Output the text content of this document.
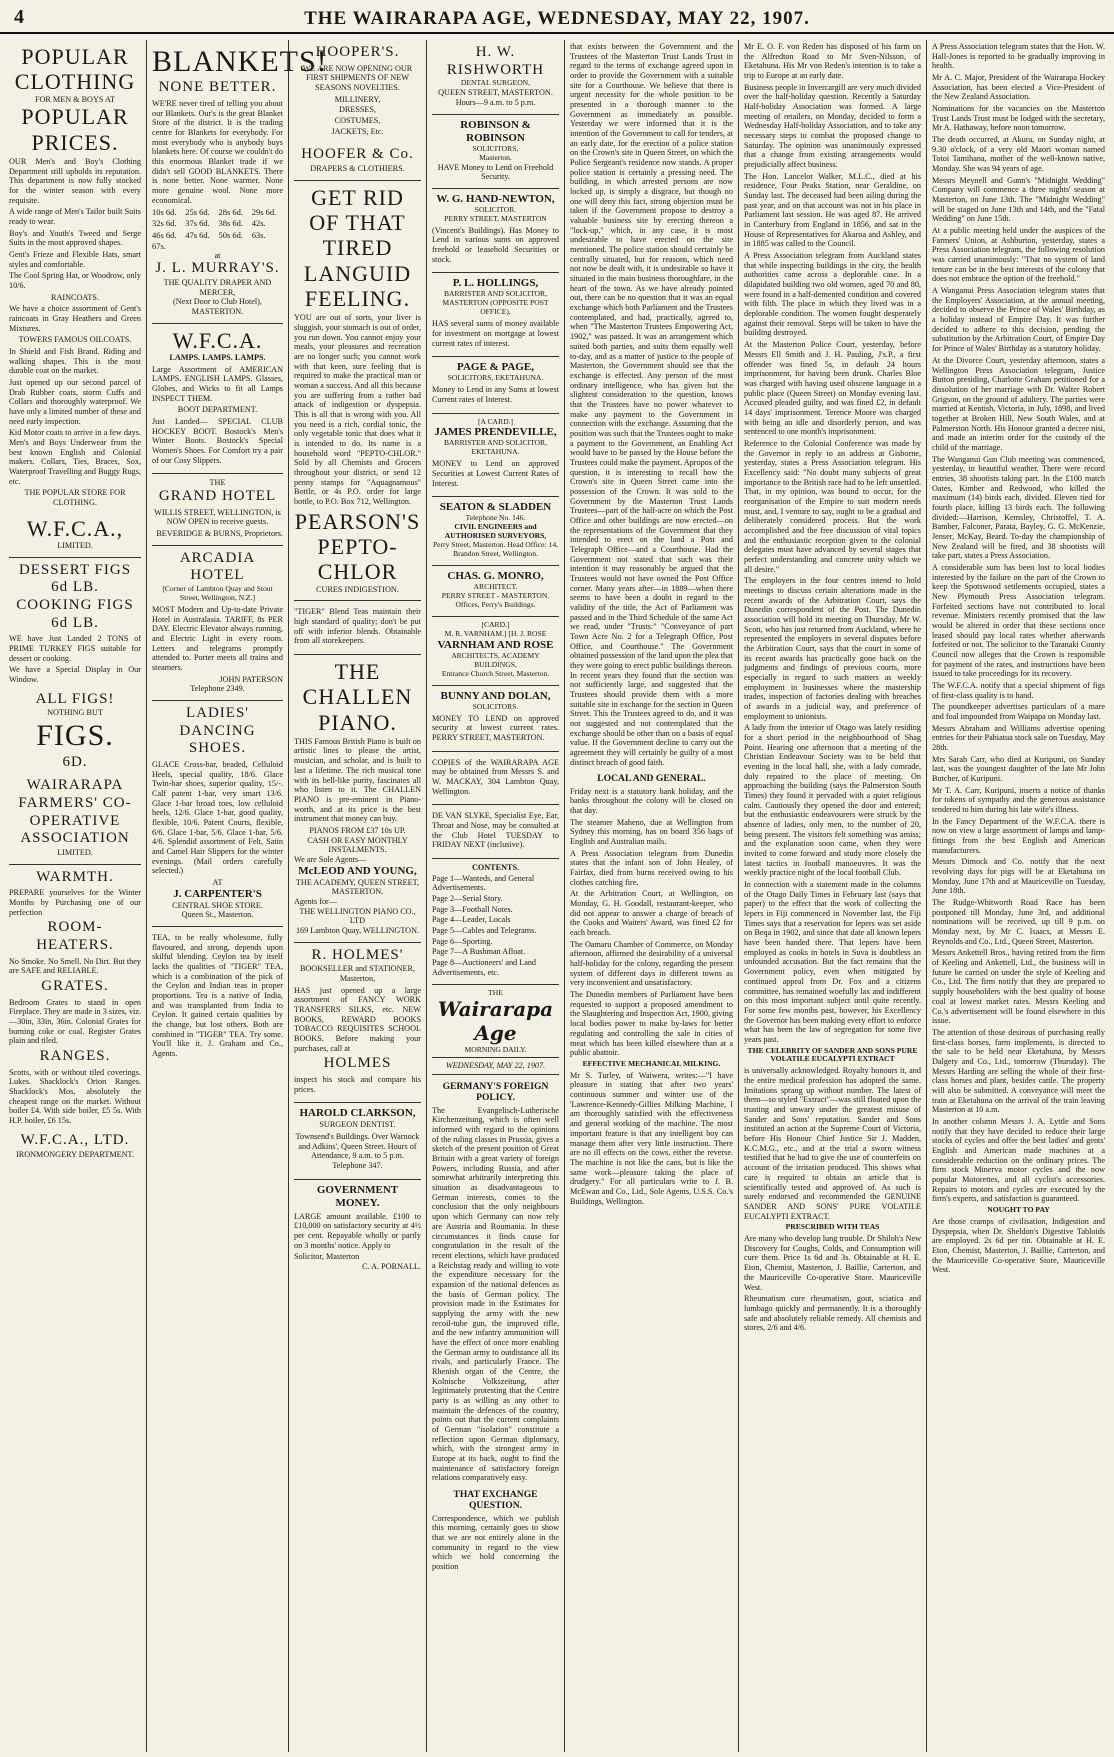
4	THE WAIRARAPA AGE, WEDNESDAY, MAY 22, 1907.
POPULAR CLOTHING
FOR MEN & BOYS AT
POPULAR PRICES.

OUR Men's and Boy's Clothing Department still upholds its reputation. This department is now fully stocked for the winter season with every requisite.

A wide range of Men's Tailor built Suits ready to wear.

Boy's and Youth's Tweed and Serge Suits in the most approved shapes.

Gent's Frieze and Flexible Hats, smart styles and comfortable.

The Cool Spring Hat, or Woodrow, only 10/6.

RAINCOATS.

We have a choice assortment of Gent's raincoats in Gray Heathers and Green Mixtures.

TOWERS FAMOUS OILCOATS.

In Shield and Fish Brand. Riding and walking shapes. This is the most durable coat on the market.

Just opened up our second parcel of Drab Rubber coats, storm Cuffs and Collars and thoroughly waterproof. We have only a limited number of these and need early inspection.

Kid Motor coats to arrive in a few days. Men's and Boys Underwear from the best known English and Colonial makers. Collars, Ties, Braces, Sox, Waterproof Travelling and Buggy Rugs, etc.

THE POPULAR STORE FOR CLOTHING.
W.F.C.A.,
LIMITED.
DESSERT FIGS
6d LB.
COOKING FIGS
6d LB.

WE have Just Landed 2 TONS of PRIME TURKEY FIGS suitable for dessert or cooking.

We have a Special Display in Our Window.

ALL FIGS!
NOTHING BUT
FIGS.
6D.
WAIRARAPA FARMERS' CO-OPERATIVE ASSOCIATION
LIMITED.
WARMTH.

PREPARE yourselves for the Winter Months by Purchasing one of our perfection

ROOM-HEATERS.

No Smoke. No Smell. No Dirt. But they are SAFE and RELIABLE.

GRATES.

Bedroom Grates to stand in open Fireplace. They are made in 3 sizes, viz.—30in, 33in, 36in. Colonial Grates for burning coke or coal. Register Grates plain and tiled.

RANGES.

Scotts, with or without tiled coverings. Lukes. Shacklock's Orion Ranges. Shacklock's Mos, absolutely the cheapest range on the market. Without boiler £4. With side boiler, £5 5s. With H.P. boiler, £6 15s.

W.F.C.A., LTD.
IRONMONGERY DEPARTMENT.
BLANKETS!
NONE BETTER.

WE'RE never tired of telling you about our Blankets. Our's is the great Blanket Store of the district. It is the trading centre for Blankets for everybody. For most everybody who is anybody buys blankets here. Of course we couldn't do this enormous Blanket trade if we didn't sell GOOD BLANKETS. There is none better. None warmer. None more genuine wool. None more economical.

10s 6d.	25s 6d.	28s 6d.	29s 6d.
32s 6d.	37s 6d.	38s 6d.	42s.
46s 6d.	47s 6d.	50s 6d.	63s.
67s.
at
J. L. MURRAY'S.
THE QUALITY DRAPER AND MERCER,
(Next Door to Club Hotel), MASTERTON.
W.F.C.A.
LAMPS. LAMPS. LAMPS.

Large Assortment of AMERICAN LAMPS. ENGLISH LAMPS. Glasses, Globes, and Wicks to fit all Lamps INSPECT THEM.

BOOT DEPARTMENT.

Just Landed— SPECIAL CLUB HOCKEY BOOT. Bostock's Men's Winter Boots. Bostock's Special Women's Shoes. For Comfort try a pair of our Cosy Slippers.

THE
GRAND HOTEL

WILLIS STREET, WELLINGTON, is NOW OPEN to receive guests.

BEVERIDGE & BURNS, Proprietors.
ARCADIA HOTEL
[Corner of Lambton Quay and Stout Street, Wellington, N.Z.]

MOST Modern and Up-to-date Private Hotel in Australasia. TARIFF, 8s PER DAY. Electric Elevator always running, and Electric Light in every room. Letters and telegrams promptly attended to. Porter meets all trains and steamers.

JOHN PATERSON
Telephone 2349.
LADIES' DANCING SHOES.

GLACE Cross-bar, beaded, Celluloid Heels, special quality, 18/6. Glace Twin-bar shoes, superior quality, 15/-. Calf patent 1-bar, very smart 13/6. Glace 1-bar broad toes, low celluloid heels, 12/6. Glace 1-bar, good quality, flexible, 10/6. Patent Courts, flexible, 6/6. Glace 1-bar, 5/6. Glace 1-bar, 5/6. 4/6. Splendid assortment of Felt, Satin and Camel Hair Slippers for the winter evenings. (Mail orders carefully selected.)

AT
J. CARPENTER'S
CENTRAL SHOE STORE.
Queen St., Masterton.

TEA, to be really wholesome, fully flavoured, and strong, depends upon skilful blending. Ceylon tea by itself lacks the qualities of "TIGER" TEA, which is a combination of the pick of the Ceylon and Indian teas in proper proportions. Tea is a native of India, and was transplanted from India to Ceylon. It gained certain qualities by the change, but lost others. Both are combined in "TIGER" TEA. Try some. You'll like it. J. Graham and Co., Agents.

HOOPER'S.

WE ARE NOW OPENING OUR FIRST SHIPMENTS OF NEW SEASONS NOVELTIES.

MILLINERY,
DRESSES,
COSTUMES,
JACKETS, Etc.
HOOFER & Co.
DRAPERS & CLOTHIERS.
GET RID OF THAT TIRED LANGUID FEELING.

YOU are out of sorts, your liver is sluggish, your stomach is out of order, you run down. You cannot enjoy your meals, your pleasures and recreation are no longer such; you cannot work with that keen, sure feeling that is required to make the practical man or woman a success. And all this because you are suffering from a rather bad attack of indigestion or dyspepsia. This is all that is wrong with you. All you need is a rich, cordial tonic, the only vegetable tonic that does what it is intended to do. Its name is a household word "PEPTO-CHLOR." Sold by all Chemists and Grocers throughout your district, or send 12 penny stamps for "Aquagnamous" Bottle, or 4s P.O. order for large bottle, to P.O. Box 712, Wellington.

PEARSON'S PEPTO-CHLOR
CURES INDIGESTION.

"TIGER" Blend Teas maintain their high standard of quality; don't be put off with inferior blends. Obtainable from all storekeepers.

THE CHALLEN PIANO.

THIS Famous British Piano is built on artistic lines to please the artist, musician, and scholar, and is built to last a lifetime. The rich musical tone with its bell-like purity, fascinates all who listen to it. The CHALLEN PIANO is pre-eminent in Piano-worth, and at its price is the best instrument that money can buy.

PIANOS FROM £37 10s UP.
CASH OR EASY MONTHLY INSTALMENTS.
We are Sole Agents—
McLEOD AND YOUNG,
THE ACADEMY, QUEEN STREET, MASTERTON.
Agents for—
THE WELLINGTON PIANO CO., LTD
169 Lambton Quay, WELLINGTON.
R. HOLMES'
BOOKSELLER and STATIONER,
Masterton,

HAS just opened up a large assortment of FANCY WORK TRANSFERS SILKS, etc. NEW BOOKS, REWARD BOOKS TOBACCO REQUISITES SCHOOL BOOKS. Before making your purchases, call at

HOLMES

inspect his stock and compare his prices.

HAROLD CLARKSON,
SURGEON DENTIST.

Townsend's Buildings. Over Warnock and Adkins', Queen Street. Hours of Attendance, 9 a.m. to 5 p.m. Telephone 347.

GOVERNMENT MONEY.

LARGE amount available. £100 to £10,000 on satisfactory security at 4½ per cent. Repayable wholly or partly on 3 months' notice. Apply to

Solicitor, Masterton
C. A. PORNALL.
H. W. RISHWORTH
DENTAL SURGEON,
QUEEN STREET, MASTERTON.
Hours—9 a.m. to 5 p.m.
ROBINSON & ROBINSON
SOLICITORS,
Masterton.
HAVE Money to Lend on Freehold Security.
W. G. HAND-NEWTON,
SOLICITOR.
PERRY STREET, MASTERTON

(Vincent's Buildings). Has Money to Lend in various sums on approved freehold or leasehold Securities or stock.

P. L. HOLLINGS,
BARRISTER AND SOLICITOR,
MASTERTON (OPPOSITE POST OFFICE),

HAS several sums of money available for investment on mortgage at lowest current rates of interest.

PAGE & PAGE,
SOLICITORS, EKETAHUNA.

Money to Lend in any Sums at lowest Current rates of Interest.

[A CARD.]
JAMES PRENDEVILLE,
BARRISTER AND SOLICITOR, EKETAHUNA.

MONEY to Lend on approved Securities at Lowest Current Rates of Interest.

SEATON & SLADDEN
Telephone No. 146.
CIVIL ENGINEERS and AUTHORISED SURVEYORS,
Perry Street, Masterton. Head Office: 14, Brandon Street, Wellington.
CHAS. G. MONRO,
ARCHITECT.
PERRY STREET - MASTERTON. Offices, Perry's Buildings.
[CARD.]
M. R. VARNHAM.] [H. J. ROSE
VARNHAM AND ROSE
ARCHITECTS, ACADEMY BUILDINGS,
Entrance Church Street, Masterton.
BUNNY AND DOLAN,
SOLICITORS.

MONEY TO LEND on approved security at lowest current rates. PERRY STREET, MASTERTON.

COPIES of the WAIRARAPA AGE may be obtained from Messrs S. and W. MACKAY, 304 Lambton Quay, Wellington.

DE VAN SLYKE, Specialist Eye, Ear, Throat and Nose, may be consulted at the Club Hotel TUESDAY to FRIDAY NEXT (inclusive).

CONTENTS.
Page 1—Wanteds, and General Advertisements.
Page 2—Serial Story.
Page 3—Football Notes.
Page 4—Leader, Locals
Page 5—Cables and Telegrams.
Page 6—Sporting.
Page 7—A Bushman Afloat.
Page 8—Auctioneers' and Land Advertisements, etc.
THE
Wairarapa Age
MORNING DAILY.
WEDNESDAY, MAY 22, 1907.
GERMANY'S FOREIGN POLICY.

The Evangelisch-Lutherische Kirchenzeitung, which is often well informed with regard to the opinions of the ruling classes in Prussia, gives a sketch of the present position of Great Britain with a great variety of foreign Powers, including Russia, and after somewhat arbitrarily interpreting this situation as disadvantageous to German interests, comes to the conclusion that the only neighbours upon which Germany can now rely are Austria and Roumania. In these circumstances it finds cause for congratulation in the result of the recent elections, which have produced a Reichstag ready and willing to vote the expenditure necessary for the expansion of the national defences as the basis of German policy. The provision made in the Estimates for supplying the army with the new recoil-tube gun, the improved rifle, and the new infantry ammunition will have the effect of once more enabling the German army to outdistance all its rivals, and particularly France. The Rhenish organ of the Centre, the Kolnische Volkszeitung, after legitimately protesting that the Centre party is as willing as any other to maintain the defences of the country, points out that the current complaints of German "isolation" constitute a reflection upon German diplomacy, which, with the strongest army in Europe at its back, ought to find the maintenance of satisfactory foreign relations comparatively easy.

THAT EXCHANGE QUESTION.

Correspondence, which we publish this morning, certainly goes to show that we are not entirely alone in the community in regard to the view which we hold concerning the position

that exists between the Government and the Trustees of the Masterton Trust Lands Trust in regard to the terms of exchange agreed upon in order to provide the Government with a suitable site for a Courthouse. We believe that there is urgent necessity for the whole position to be presented in a thorough manner to the Government as immediately as possible. Yesterday we were informed that it is the intention of the Government to call for tenders, at an early date, for the erection of a police station on the Crown's site in Queen Street, on which the Police Sergeant's residence now stands. A proper police station is certainly a pressing need. The building, in which arrested persons are now locked up, is simply a disgrace, but though no one will deny this fact, strong objection must be taken if the Government propose to destroy a valuable business site by erecting thereon a "lock-up," which, in any case, it is most undesirable to have erected on the site mentioned. The police station should certainly be centrally situated, but for reasons, which need not now be dealt with, it is undesirable so have it situated in the main business thoroughfare, in the heart of the town. As we have already pointed out, there can be no question that it was an equal exchange which both Parliament and the Trustees contemplated, and had, practically, agreed to, when "The Masterton Trustees Empowering Act, 1902," was passed. It was an arrangement which suited both parties, and suits them equally well to-day, and as a matter of justice to the people of Masterton, the Government should see that the exchange is effected. Any person of the most ordinary intelligence, who has given but the slightest consideration to the question, knows that the Trustees have no power whatever to make any payment to the Government in connection with the exchange. Assuming that the position was such that the Trustees ought to make a payment to the Government, an Enabling Act would have to be passed by the House before the Trustees could make the payment. Apropos of the question, it is interesting to recall how the Crown's site in Queen Street came into the possession of the Crown. It was sold to the Government by the Masterton Trust Lands Trustees—part of the half-acre on which the Post Office and other buildings are now erected—on the representations of the Government that they intended to erect on the land a Post and Telegraph Office—and a Courthouse. Had the Government not stated that such was their intention it may reasonably be argued that the Trustees would not have owned the Post Office corner. Many years after—in 1889—when there seems to have been a doubt in regard to the validity of the title, the Act of Parliament was passed and in the Third Schedule of the same Act we read, under "Trusts:" "Conveyance of part Town Acre No. 2 for a Telegraph Office, Post Office, and Courthouse." The Government obtained possession of the land upon the plea that they were going to erect public buildings thereon. In recent years they found that the section was not sufficiently large, and suggested that the Trustees should provide them with a more suitable site in exchange for the section in Queen Street. This the Trustees agreed to do, and it was not suggested and not contemplated that the exchange should be other than on a basis of equal value. If the Government decline to carry out the agreement they will certainly be guilty of a most distinct breach of good faith.

LOCAL AND GENERAL.

Friday next is a statutory bank holiday, and the banks throughout the colony will be closed on that day.

The steamer Maheno, due at Wellington from Sydney this morning, has on board 356 bags of English and Australian mails.

A Press Association telegram from Dunedin states that the infant son of John Healey, of Fairfax, died from burns received owing to his clothes catching fire.

At the Arbitration Court, at Wellington, on Monday, G. H. Goodall, restaurant-keeper, who did not appear to answer a charge of breach of the Cooks and Waiters' Award, was fined £2 for each breach.

The Oamaru Chamber of Commerce, on Monday afternoon, affirmed the desirability of a universal half-holiday for the colony, regarding the present system of different days in different towns as very inconvenient and unsatisfactory.

The Dunedin members of Parliament have been requested to support a proposed amendment to the Slaughtering and Inspection Act, 1900, giving local bodies power to make by-laws for better regulating and controlling the sale in cities of meat which has been killed elsewhere than at a public abattoir.

EFFECTIVE MECHANICAL MILKING.

Mr S. Turley, of Waiwera, writes:—"I have pleasure in stating that after two years' continuous summer and winter use of the 'Lawrence-Kennedy-Gillies Milking Machine, I am thoroughly satisfied with the effectiveness and general working of the machine. The most important feature is that any intelligent boy can manage them after very little instruction. There are no ill effects on the cows, either the reverse. The machine is not like the cans, but is like the same work—pleasure taking the place of drudgery." For all particulars write to J. B. McEwan and Co., Ltd., Sole Agents, U.S.S. Co.'s Buildings, Wellington.

Mr E. O. F. von Reden has disposed of his farm on the Alfredton Road to Mr Sven-Nilsson, of Eketahuna. His Mr von Reden's intention is to take a trip to Europe at an early date.

Business people in Invercargill are very much divided over the half-holiday question. Recently a Saturday Half-holiday Association was formed. A large meeting of retailers, on Monday, decided to form a Wednesday Half-holiday Association, and to take any necessary steps to combat the proposed change to Saturday. The opinion was unanimously expressed that a change from existing arrangements would prejudicially affect business.

The Hon. Lancelot Walker, M.L.C., died at his residence, Four Peaks Station, near Geraldine, on Sunday last. The deceased had been ailing during the past year, and on that account was not in his place in Parliament last session. He was aged 87. He arrived in Canterbury from England in 1856, and sat in the House of Representatives for Akaroa and Ashley, and in 1885 was called to the Council.

A Press Association telegram from Auckland states that while inspecting buildings in the city, the health authorities came across a deplorable case. In a dilapidated building two old women, aged 70 and 80, were found in a half-demented condition and covered with filth. The place in which they lived was in a deplorable condition. The women fought desperately against their removal. Steps will be taken to have the building destroyed.

At the Masterton Police Court, yesterday, before Messrs Ell Smith and J. H. Pauling, J's.P., a first offender was fined 5s, in default 24 hours imprisonment, for having been drunk. Charles Bloe was charged with having used obscene language in a public place (Queen Street) on Monday evening last. Accused pleaded guilty, and was fined £2, in default 14 days' imprisonment. Terence Moore was charged with being an idle and disorderly person, and was sentenced to one month's imprisonment.

Reference to the Colonial Conference was made by the Governor in reply to an address at Gisborne, yesterday, states a Press Association telegram. His Excellency said: "No doubt many subjects of great importance to the British race had to be left unsettled. That, in my opinion, was bound to occur, for the reorganisation of the Empire to suit modern needs must, and, I venture to say, ought to be a gradual and deliberately considered process. But the work accomplished and the free discussion of vital topics and the enthusiastic reception given to the colonial delegates must have advanced by several stages that perfect understanding and concrete unity which we all desire."

The employers in the four centres intend to hold meetings to discuss certain alterations made in the recent awards of the Arbitration Court, says the Dunedin correspondent of the Post. The Dunedin association will hold its meeting on Thursday. Mr W. Scott, who has just returned from Auckland, where he represented the employers in several disputes before the Arbitration Court, says that the court in some of its recent awards has practically gone back on the judgments and findings of previous courts, more especially in regard to such matters as weekly employment in businesses where the mastership trades, inspection of factories dealing with breaches of awards in a judicial way, and preference of employment to unionists.

A lady from the interior of Otago was lately residing for a short period in the neighbourhood of Shag Point. Hearing one afternoon that a meeting of the Christian Endeavour Society was to be held that evening in the local hall, she, with a lady comrade, duly repaired to the place of meeting. On approaching the building (says the Palmerston South Times) they found it pervaded with a quiet religious calm. Cautiously they opened the door and entered; but the enthusiastic endeavourers were struck by the absence of ladies, only men, to the number of 20, being present. The visitors felt something was amiss; and the explanation soon came, when they were invited to come forward and study more closely the latest tactics in football manoeuvres. It was the weekly practice night of the local football Club.

In connection with a statement made in the columns of the Otago Daily Times in February last (says that paper) to the effect that the work of collecting the lepers in Fiji commenced in November last, the Fiji Times says that a reservation for lepers was set aside on Beqa in 1902, and since that date all known lepers have been handed there. That lepers have been employed as cooks in hotels in Suva is doubtless an unfounded accusation. But the fact remains that the Government policy, even when mitigated by continued appeal from Dr. Fox and a citizens committee, has remained woefully lax and indifferent on this most important subject until quite recently. For some few months past, however, his Excellency the Governor has been making every effort to enforce what has been the law of segregation for some five years past.

THE CELEBRITY OF SANDER AND SONS PURE VOLATILE EUCALYPTI EXTRACT

is universally acknowledged. Royalty honours it, and the entire medical profession has adopted the same. Imitations sprang up without number. The latest of them—so styled "Extract"—was still floated upon the trusting and unwary under the greatest misuse of Sander and Sons' reputation. Sander and Sons instituted an action at the Supreme Court of Victoria, before His Honour Chief Justice Sir J. Madden, K.C.M.G., etc., and at the trial a sworn witness testified that he had to give the use of counterfeits on account of the irritation produced. This shows what care is required to obtain an article that is scientifically tested and approved of. As such is surely endorsed and recommended the GENUINE SANDER AND SONS' PURE VOLATILE EUCALYPTI EXTRACT.

PRESCRIBED WITH TEAS

Are many who develop lung trouble. Dr Shiloh's New Discovery for Coughs, Colds, and Consumption will cure them. Price 1s 6d and 3s. Obtainable at H. E. Eton, Chemist, Masterton, J. Baillie, Carterton, and the Mauriceville Co-operative Store. Mauriceville West.

Rheumatism cure rheumatism, gout, sciatica and lumbago quickly and permanently. It is a thoroughly safe and absolutely reliable remedy. All chemists and stores, 2/6 and 4/6.

A Press Association telegram states that the Hon. W. Hall-Jones is reported to be gradually improving in health.

Mr A. C. Major, President of the Wairarapa Hockey Association, has been elected a Vice-President of the New Zealand Association.

Nominations for the vacancies on the Masterton Trust Lands Trust must be lodged with the secretary, Mr A. Hathaway, before noon tomorrow.

The death occurred, at Akura, on Sunday night, at 9.30 o'clock, of a very old Maori woman named Totoi Tamihana, mother of the well-known native, Monday. She was 94 years of age.

Messrs Meynell and Gunn's "Midnight Wedding" Company will commence a three nights' season at Masterton, on June 13th. The "Midnight Wedding" will be staged on June 13th and 14th, and the "Fatal Wedding" on June 15th.

At a public meeting held under the auspices of the Farmers' Union, at Ashburton, yesterday, states a Press Association telegram, the following resolution was carried unanimously: "That no system of land tenure can be in the best interests of the colony that does not embrace the option of the freehold."

A Wanganui Press Association telegram states that the Employers' Association, at the annual meeting, decided to observe the Prince of Wales' Birthday, as a holiday instead of Empire Day. It was further decided to adhere to this decision, pending the substitution by the Arbitration Court, of Empire Day for Prince of Wales' Birthday as a statutory holiday.

At the Divorce Court, yesterday afternoon, states a Wellington Press Association telegram, Justice Button presiding, Charlotte Graham petitioned for a dissolution of her marriage with Dr. Walter Robert Grigson, on the ground of adultery. The parties were married at Kentish, Victoria, in July, 1898, and lived together at Broken Hill, New South Wales, and at Palmerston North. His Honour granted a decree nisi, and made an interim order for the custody of the child of the marriage.

The Wanganui Gun Club meeting was commenced, yesterday, in beautiful weather. There were record entries, 38 shootists taking part. In the £100 match Oates, Kimber and Redwood, who killed the maximum (14) birds each, divided. Eleven tied for fourth place, killing 13 birds each. The following divided:—Harrison, Kemsley, Christoffel, T. A. Bamber, Falconer, Parata, Bayley, G. G. McKenzie, Jenser, McKay, Beard. To-day the championship of New Zealand will be fired, and 38 shootists will take part, states a Press Association.

A considerable sum has been lost to local bodies interested by the failure on the part of the Crown to keep the Spotswood settlements occupied, states a New Plymouth Press Association telegram. Forfeited sections have not contributed to local revenue. Ministers recently promised that the law would be altered in order that these sections once leased should pay local rates whether afterwards forfeited or not. The solicitor to the Taranaki County Council now alleges that the Crown is responsible for payment of the rates, and instructions have been issued to take proceedings for its recovery.

The W.F.C.A. notify that a special shipment of figs of first-class quality is to hand.

The poundkeeper advertises particulars of a mare and foal impounded from Waipapa on Monday last.

Messrs Abraham and Williams advertise opening entries for their Pahiatua stock sale on Tuesday, May 28th.

Mrs Sarah Carr, who died at Kuripuni, on Sunday last, was the youngest daughter of the late Mr John Butcher, of Kuripuni.

Mr T. A. Carr, Kuripuni, inserts a notice of thanks for tokens of sympathy and the generous assistance tendered to him during his late wife's illness.

In the Fancy Department of the W.F.C.A. there is now on view a large assortment of lamps and lamp-fittings from the best English and American manufacturers.

Messrs Dimock and Co. notify that the next revolving days for pigs will be at Eketahuna on Monday, June 17th and at Mauriceville on Tuesday, June 18th.

The Rudge-Whitworth Road Race has been postponed till Monday, June 3rd, and additional nominations will be received, up till 9 p.m. on Monday next, by Mr C. Isaacs, at Messrs E. Reynolds and Co., Ltd., Queen Street, Masterton.

Messrs Ankettell Bros., having retired from the firm of Keeling and Ankettell, Ltd., the business will in future be carried on under the style of Keeling and Co., Ltd. The firm notify that they are prepared to supply householders with the best quality of house coal at lowest market rates. Messrs Keeling and Co.'s advertisement will be found elsewhere in this issue.

The attention of those desirous of purchasing really first-class horses, farm implements, is directed to the sale to be held near Eketahuna, by Messrs Dalgety and Co., Ltd., tomorrow (Thursday). The Messrs Harding are selling the whole of their first-class horses and plant, besides cattle. The property will also be submitted. A conveyance will meet the train at Eketahuna on the arrival of the train leaving Masterton at 10 a.m.

In another column Messrs J. A. Lyttle and Sons notify that they have decided to reduce their large stocks of cycles and offer the best ladies' and gents' English and American made machines at a considerable reduction on the ordinary prices. The firm stock Minerva motor cycles and the now popular Motorettes, and all cyclist's accessories. Repairs to motors and cycles are executed by the firm's experts, and satisfaction is guaranteed.

NOUGHT TO PAY

Are those cramps of civilisation, Indigestion and Dyspepsia, when Dr. Sheldon's Digestive Tabloids are employed. 2s 6d per tin. Obtainable at H. E. Eton, Chemist, Masterton, J. Baillie, Carterton, and the Mauriceville Co-operative Store, Mauriceville West.
